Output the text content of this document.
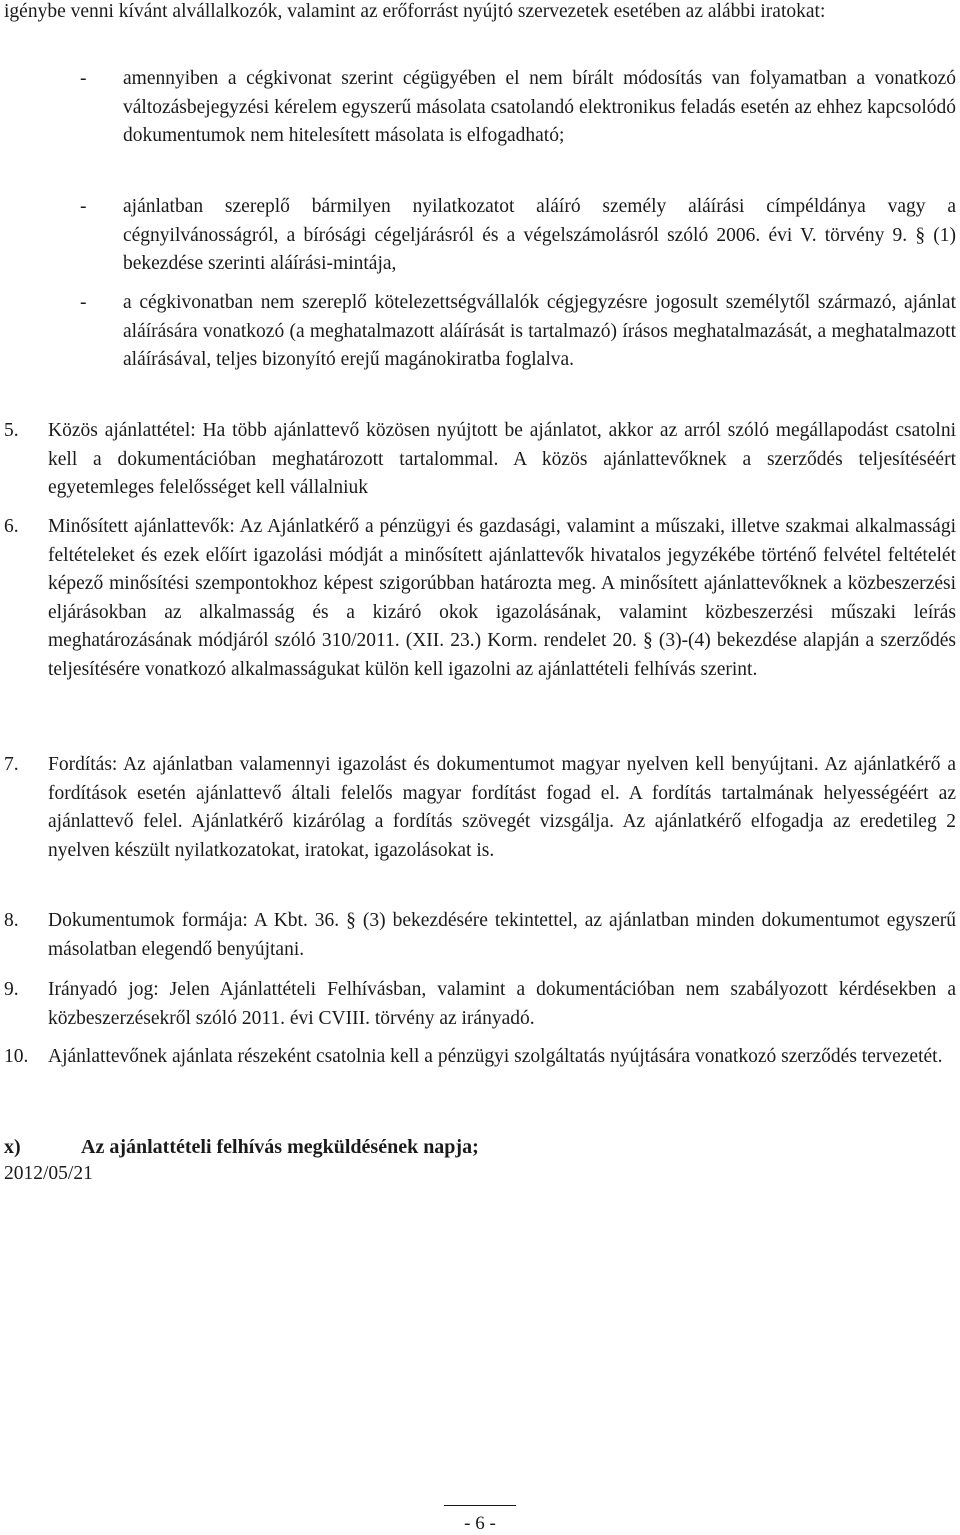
igénybe venni kívánt alvállalkozók, valamint az erőforrást nyújtó szervezetek esetében az alábbi iratokat:

- amennyiben a cégkivonat szerint cégügyében el nem bírált módosítás van folyamatban a vonatkozó változásbejegyzési kérelem egyszerű másolata csatolandó elektronikus feladás esetén az ehhez kapcsolódó dokumentumok nem hitelesített másolata is elfogadható;

- ajánlatban szereplő bármilyen nyilatkozatot aláíró személy aláírási címpéldánya vagy a cégnyilvánosságról, a bírósági cégeljárásról és a végelszámolásról szóló 2006. évi V. törvény 9. § (1) bekezdése szerinti aláírási-mintája,

- a cégkivonatban nem szereplő kötelezettségvállalók cégjegyzésre jogosult személytől származó, ajánlat aláírására vonatkozó (a meghatalmazott aláírását is tartalmazó) írásos meghatalmazását, a meghatalmazott aláírásával, teljes bizonyító erejű magánokiratba foglalva.

5. Közös ajánlattétel: Ha több ajánlattevő közösen nyújtott be ajánlatot, akkor az arról szóló megállapodást csatolni kell a dokumentációban meghatározott tartalommal. A közös ajánlattevőknek a szerződés teljesítéséért egyetemleges felelősséget kell vállalniuk

6. Minősített ajánlattevők: Az Ajánlatkérő a pénzügyi és gazdasági, valamint a műszaki, illetve szakmai alkalmassági feltételeket és ezek előírt igazolási módját a minősített ajánlattevők hivatalos jegyzékébe történő felvétel feltételét képező minősítési szempontokhoz képest szigorúbban határozta meg. A minősített ajánlattevőknek a közbeszerzési eljárásokban az alkalmasság és a kizáró okok igazolásának, valamint közbeszerzési műszaki leírás meghatározásának módjáról szóló 310/2011. (XII. 23.) Korm. rendelet 20. § (3)-(4) bekezdése alapján a szerződés teljesítésére vonatkozó alkalmasságukat külön kell igazolni az ajánlattételi felhívás szerint.

7. Fordítás: Az ajánlatban valamennyi igazolást és dokumentumot magyar nyelven kell benyújtani. Az ajánlatkérő a fordítások esetén ajánlattevő általi felelős magyar fordítást fogad el. A fordítás tartalmának helyességéért az ajánlattevő felel. Ajánlatkérő kizárólag a fordítás szövegét vizsgálja. Az ajánlatkérő elfogadja az eredetileg 2 nyelven készült nyilatkozatokat, iratokat, igazolásokat is.

8. Dokumentumok formája: A Kbt. 36. § (3) bekezdésére tekintettel, az ajánlatban minden dokumentumot egyszerű másolatban elegendő benyújtani.

9. Irányadó jog: Jelen Ajánlattételi Felhívásban, valamint a dokumentációban nem szabályozott kérdésekben a közbeszerzésekről szóló 2011. évi CVIII. törvény az irányadó.

10. Ajánlattevőnek ajánlata részeként csatolnia kell a pénzügyi szolgáltatás nyújtására vonatkozó szerződés tervezetét.

x)	Az ajánlattételi felhívás megküldésének napja;
2012/05/21
- 6 -
